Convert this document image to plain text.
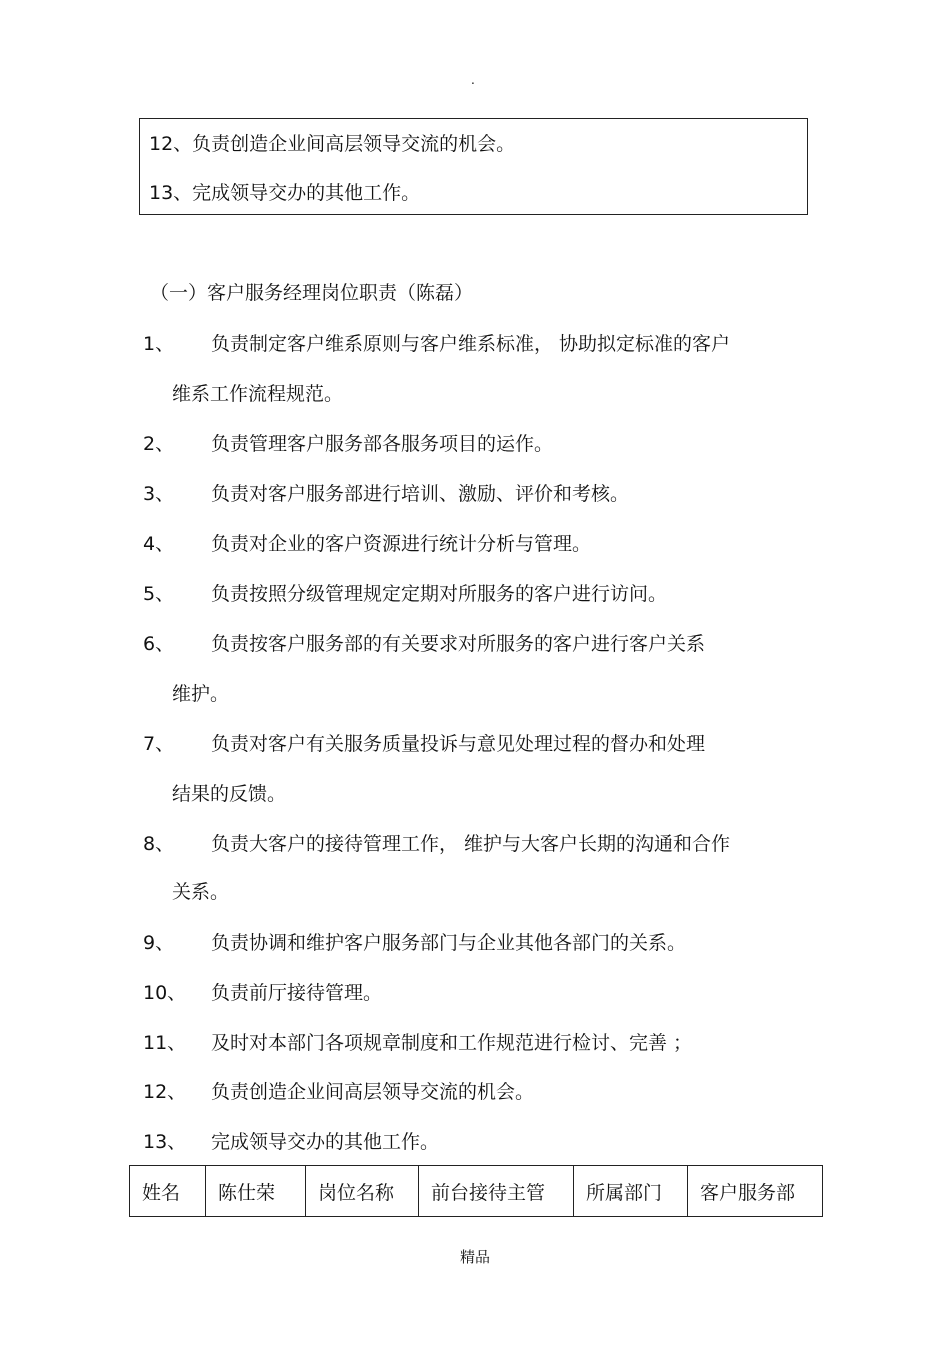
.
12、负责创造企业间高层领导交流的机会。
13、完成领导交办的其他工作。
（一）客户服务经理岗位职责（陈磊）
1、 负责制定客户维系原则与客户维系标准， 协助拟定标准的客户
维系工作流程规范。
2、 负责管理客户服务部各服务项目的运作。
3、 负责对客户服务部进行培训、激励、评价和考核。
4、 负责对企业的客户资源进行统计分析与管理。
5、 负责按照分级管理规定定期对所服务的客户进行访问。
6、 负责按客户服务部的有关要求对所服务的客户进行客户关系
维护。
7、 负责对客户有关服务质量投诉与意见处理过程的督办和处理
结果的反馈。
8、 负责大客户的接待管理工作， 维护与大客户长期的沟通和合作
关系。
9、 负责协调和维护客户服务部门与企业其他各部门的关系。
10、 负责前厅接待管理。
11、 及时对本部门各项规章制度和工作规范进行检讨、完善 ；
12、 负责创造企业间高层领导交流的机会。
13、 完成领导交办的其他工作。
姓名	陈仕荣	岗位名称	前台接待主管	所属部门	客户服务部
精品
